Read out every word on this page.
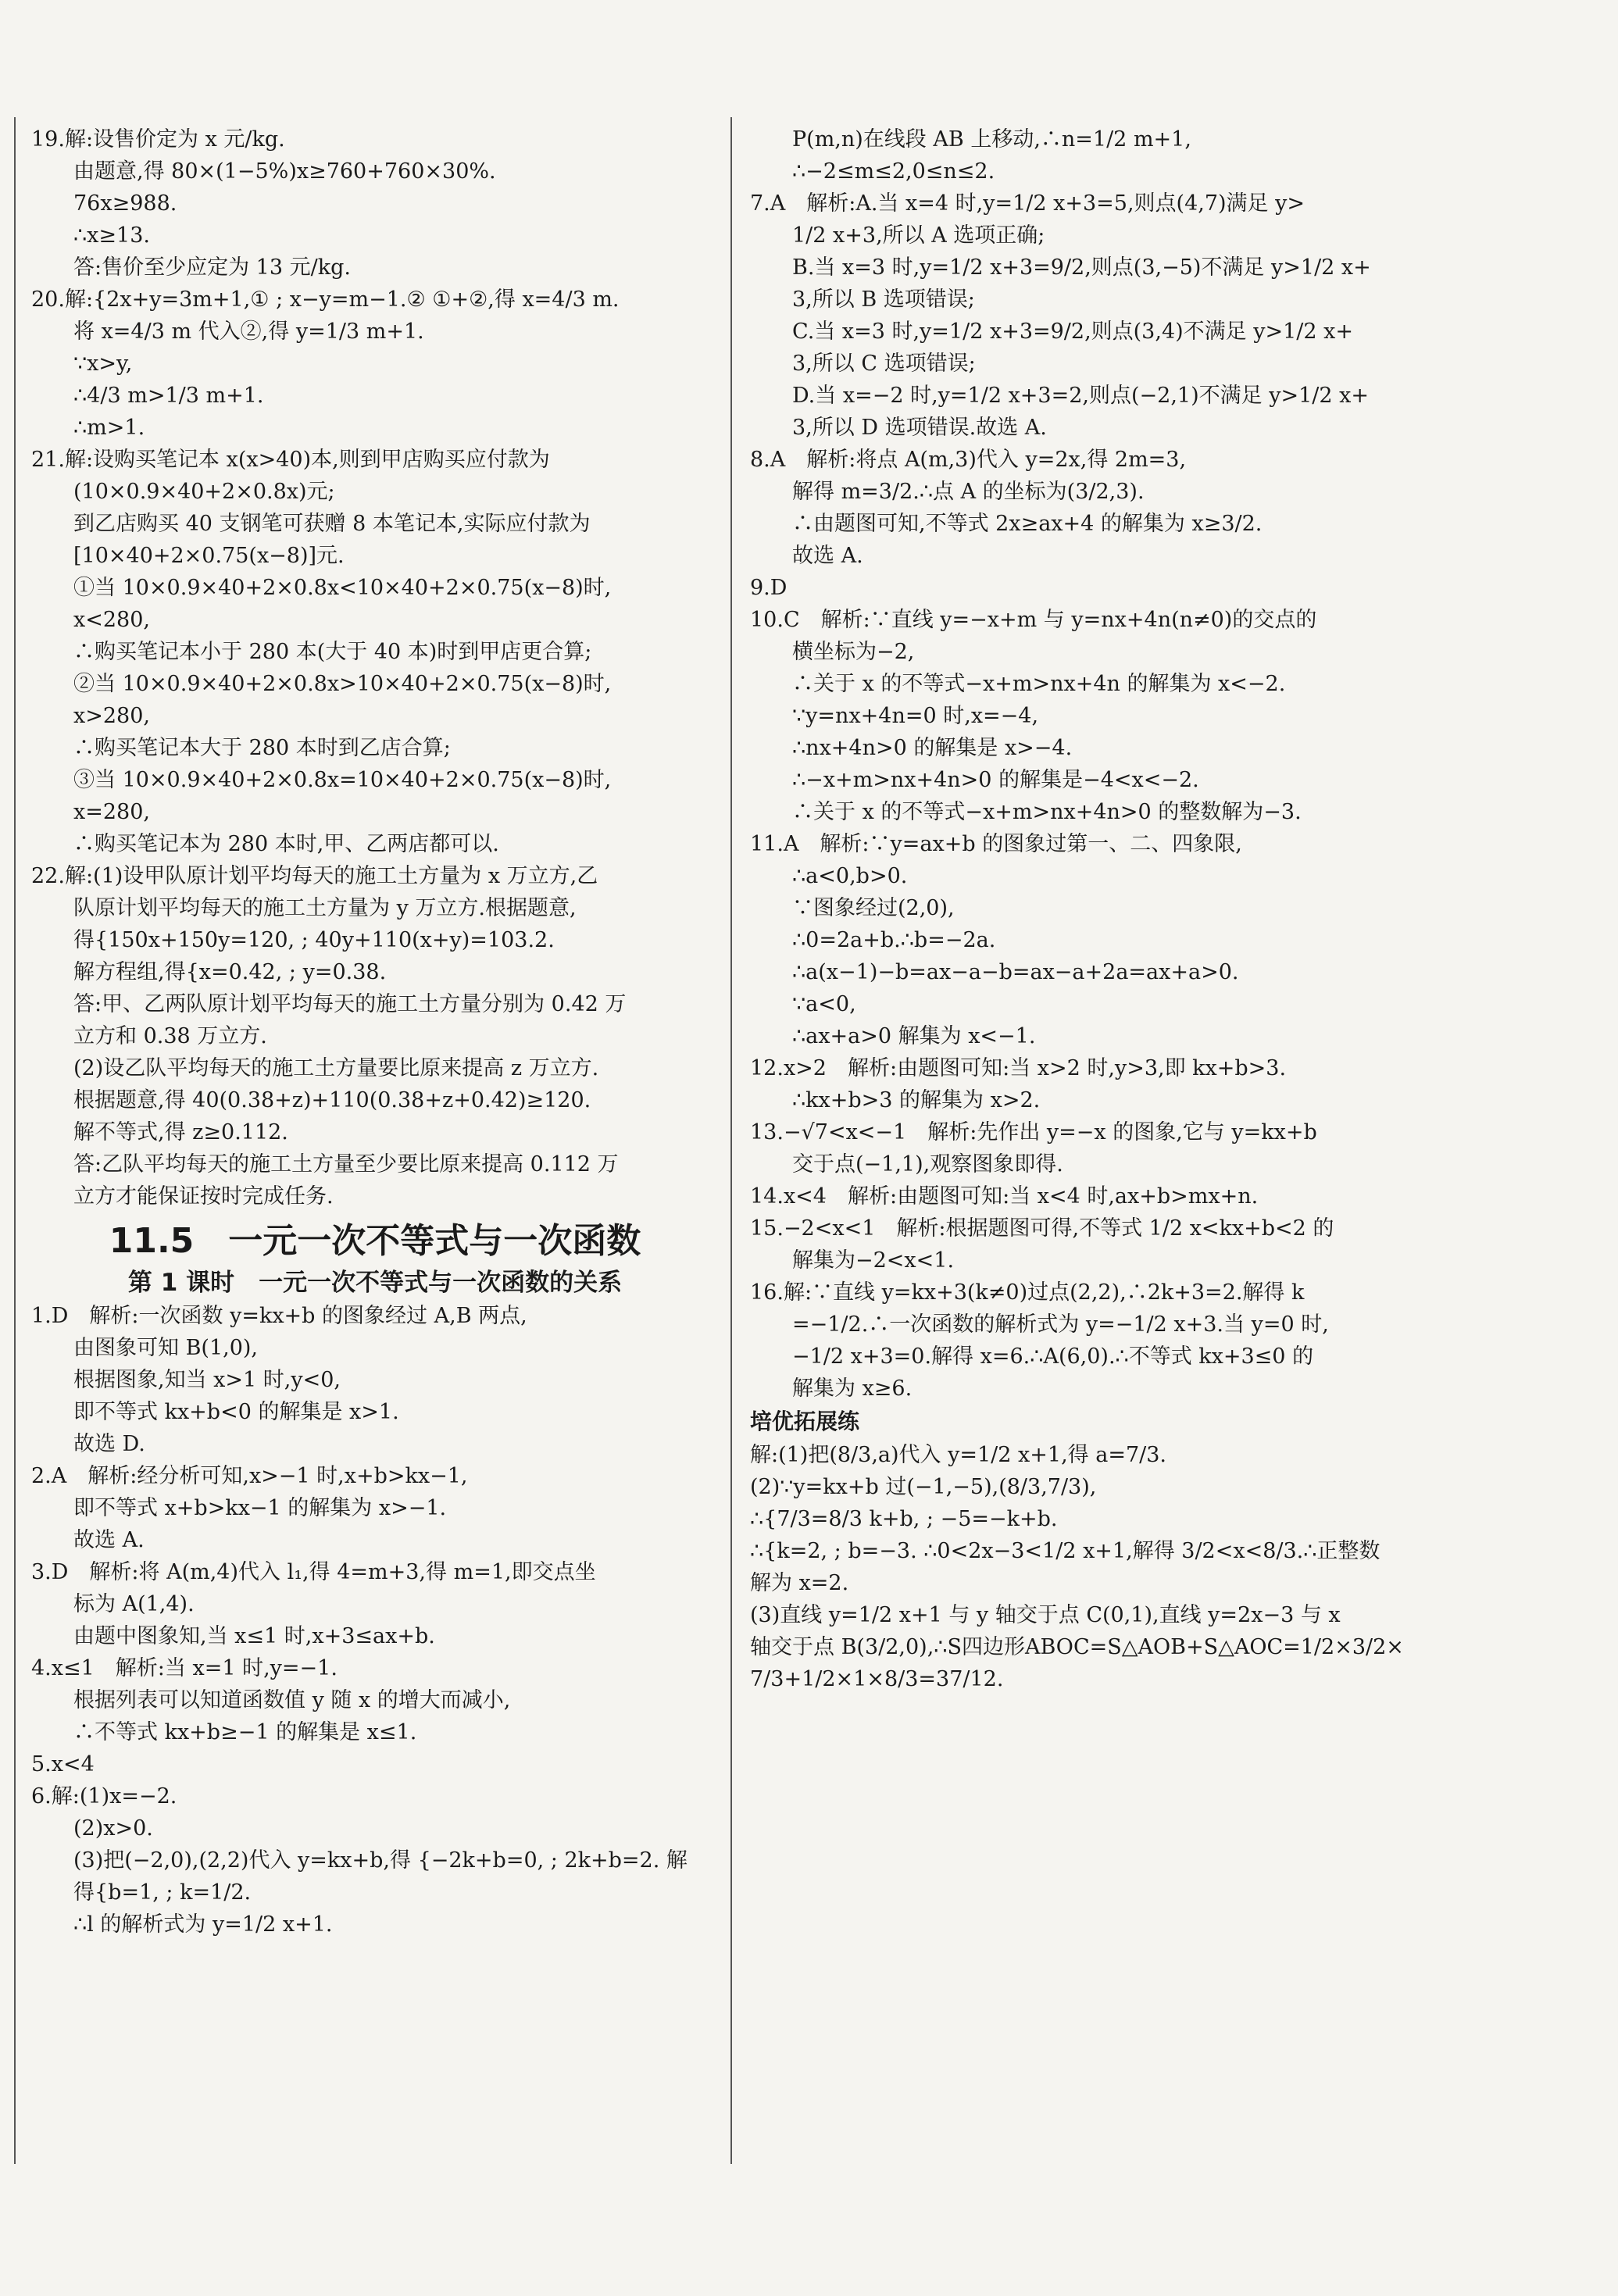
19.解:设售价定为 x 元/kg.
由题意,得 80×(1−5%)x≥760+760×30%.
76x≥988.
∴x≥13.
答:售价至少应定为 13 元/kg.
20.解:{2x+y=3m+1,① ; x−y=m−1.② ①+②,得 x=4/3 m.
将 x=4/3 m 代入②,得 y=1/3 m+1.
∵x>y,
∴4/3 m>1/3 m+1.
∴m>1.
21.解:设购买笔记本 x(x>40)本,则到甲店购买应付款为
(10×0.9×40+2×0.8x)元;
到乙店购买 40 支钢笔可获赠 8 本笔记本,实际应付款为
[10×40+2×0.75(x−8)]元.
①当 10×0.9×40+2×0.8x<10×40+2×0.75(x−8)时,
x<280,
∴购买笔记本小于 280 本(大于 40 本)时到甲店更合算;
②当 10×0.9×40+2×0.8x>10×40+2×0.75(x−8)时,
x>280,
∴购买笔记本大于 280 本时到乙店合算;
③当 10×0.9×40+2×0.8x=10×40+2×0.75(x−8)时,
x=280,
∴购买笔记本为 280 本时,甲、乙两店都可以.
22.解:(1)设甲队原计划平均每天的施工土方量为 x 万立方,乙
队原计划平均每天的施工土方量为 y 万立方.根据题意,
得{150x+150y=120, ; 40y+110(x+y)=103.2.
解方程组,得{x=0.42, ; y=0.38.
答:甲、乙两队原计划平均每天的施工土方量分别为 0.42 万
立方和 0.38 万立方.
(2)设乙队平均每天的施工土方量要比原来提高 z 万立方.
根据题意,得 40(0.38+z)+110(0.38+z+0.42)≥120.
解不等式,得 z≥0.112.
答:乙队平均每天的施工土方量至少要比原来提高 0.112 万
立方才能保证按时完成任务.
11.5　一元一次不等式与一次函数
第 1 课时　一元一次不等式与一次函数的关系
1.D　解析:一次函数 y=kx+b 的图象经过 A,B 两点,
由图象可知 B(1,0),
根据图象,知当 x>1 时,y<0,
即不等式 kx+b<0 的解集是 x>1.
故选 D.
2.A　解析:经分析可知,x>−1 时,x+b>kx−1,
即不等式 x+b>kx−1 的解集为 x>−1.
故选 A.
3.D　解析:将 A(m,4)代入 l₁,得 4=m+3,得 m=1,即交点坐
标为 A(1,4).
由题中图象知,当 x≤1 时,x+3≤ax+b.
4.x≤1　解析:当 x=1 时,y=−1.
根据列表可以知道函数值 y 随 x 的增大而减小,
∴不等式 kx+b≥−1 的解集是 x≤1.
5.x<4
6.解:(1)x=−2.
(2)x>0.
(3)把(−2,0),(2,2)代入 y=kx+b,得 {−2k+b=0, ; 2k+b=2. 解
得{b=1, ; k=1/2.
∴l 的解析式为 y=1/2 x+1.
P(m,n)在线段 AB 上移动,∴n=1/2 m+1,
∴−2≤m≤2,0≤n≤2.
7.A　解析:A.当 x=4 时,y=1/2 x+3=5,则点(4,7)满足 y>
1/2 x+3,所以 A 选项正确;
B.当 x=3 时,y=1/2 x+3=9/2,则点(3,−5)不满足 y>1/2 x+
3,所以 B 选项错误;
C.当 x=3 时,y=1/2 x+3=9/2,则点(3,4)不满足 y>1/2 x+
3,所以 C 选项错误;
D.当 x=−2 时,y=1/2 x+3=2,则点(−2,1)不满足 y>1/2 x+
3,所以 D 选项错误.故选 A.
8.A　解析:将点 A(m,3)代入 y=2x,得 2m=3,
解得 m=3/2.∴点 A 的坐标为(3/2,3).
∴由题图可知,不等式 2x≥ax+4 的解集为 x≥3/2.
故选 A.
9.D
10.C　解析:∵直线 y=−x+m 与 y=nx+4n(n≠0)的交点的
横坐标为−2,
∴关于 x 的不等式−x+m>nx+4n 的解集为 x<−2.
∵y=nx+4n=0 时,x=−4,
∴nx+4n>0 的解集是 x>−4.
∴−x+m>nx+4n>0 的解集是−4<x<−2.
∴关于 x 的不等式−x+m>nx+4n>0 的整数解为−3.
11.A　解析:∵y=ax+b 的图象过第一、二、四象限,
∴a<0,b>0.
∵图象经过(2,0),
∴0=2a+b.∴b=−2a.
∴a(x−1)−b=ax−a−b=ax−a+2a=ax+a>0.
∵a<0,
∴ax+a>0 解集为 x<−1.
12.x>2　解析:由题图可知:当 x>2 时,y>3,即 kx+b>3.
∴kx+b>3 的解集为 x>2.
13.−√7<x<−1　解析:先作出 y=−x 的图象,它与 y=kx+b
交于点(−1,1),观察图象即得.
14.x<4　解析:由题图可知:当 x<4 时,ax+b>mx+n.
15.−2<x<1　解析:根据题图可得,不等式 1/2 x<kx+b<2 的
解集为−2<x<1.
16.解:∵直线 y=kx+3(k≠0)过点(2,2),∴2k+3=2.解得 k
=−1/2.∴一次函数的解析式为 y=−1/2 x+3.当 y=0 时,
−1/2 x+3=0.解得 x=6.∴A(6,0).∴不等式 kx+3≤0 的
解集为 x≥6.
培优拓展练
解:(1)把(8/3,a)代入 y=1/2 x+1,得 a=7/3.
(2)∵y=kx+b 过(−1,−5),(8/3,7/3),
∴{7/3=8/3 k+b, ; −5=−k+b.
∴{k=2, ; b=−3. ∴0<2x−3<1/2 x+1,解得 3/2<x<8/3.∴正整数
解为 x=2.
(3)直线 y=1/2 x+1 与 y 轴交于点 C(0,1),直线 y=2x−3 与 x
轴交于点 B(3/2,0),∴S四边形ABOC=S△AOB+S△AOC=1/2×3/2×
7/3+1/2×1×8/3=37/12.
